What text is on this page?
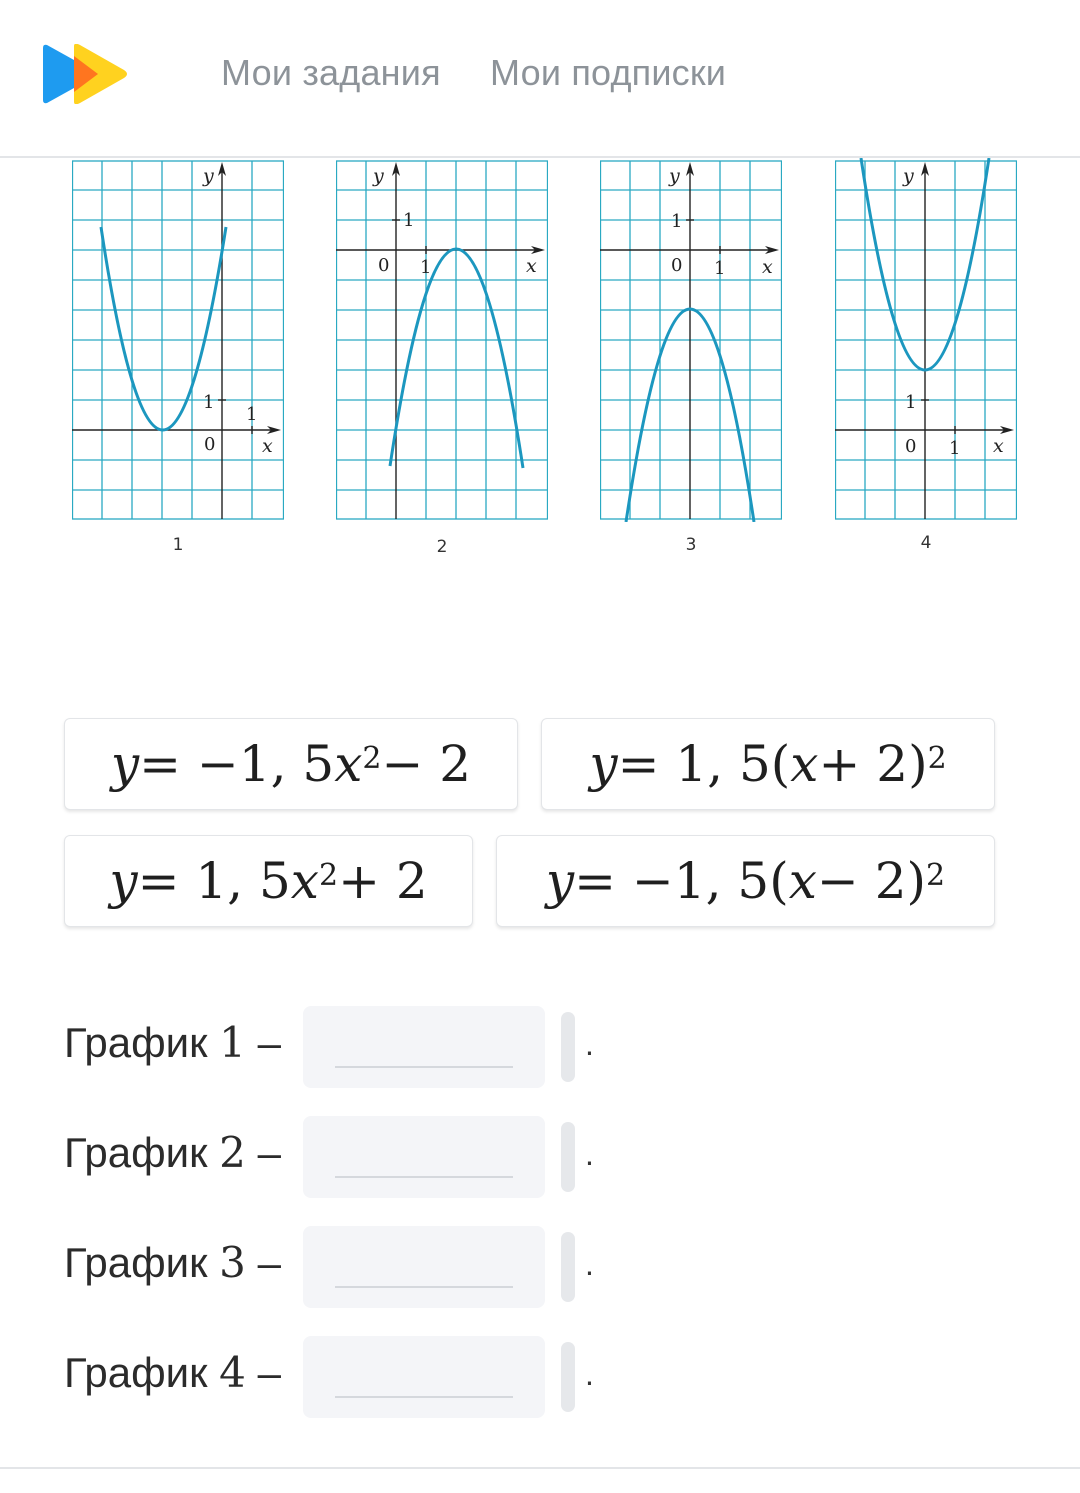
Мои задания Мои подписки
y
x
0
1
1
1
y
x
0
1
1
2
y
x
0
1
1
3
y
x
0
1
1
4
y = −1, 5 $x^2 - 2$ y = 1, 5( x + 2)$^2$
y = 1, 5 $x^2 + 2$ y = −1, 5( x − 2)$^2$
График 1 –	.
График 2 –	.
График 3 –	.
График 4 –	.
